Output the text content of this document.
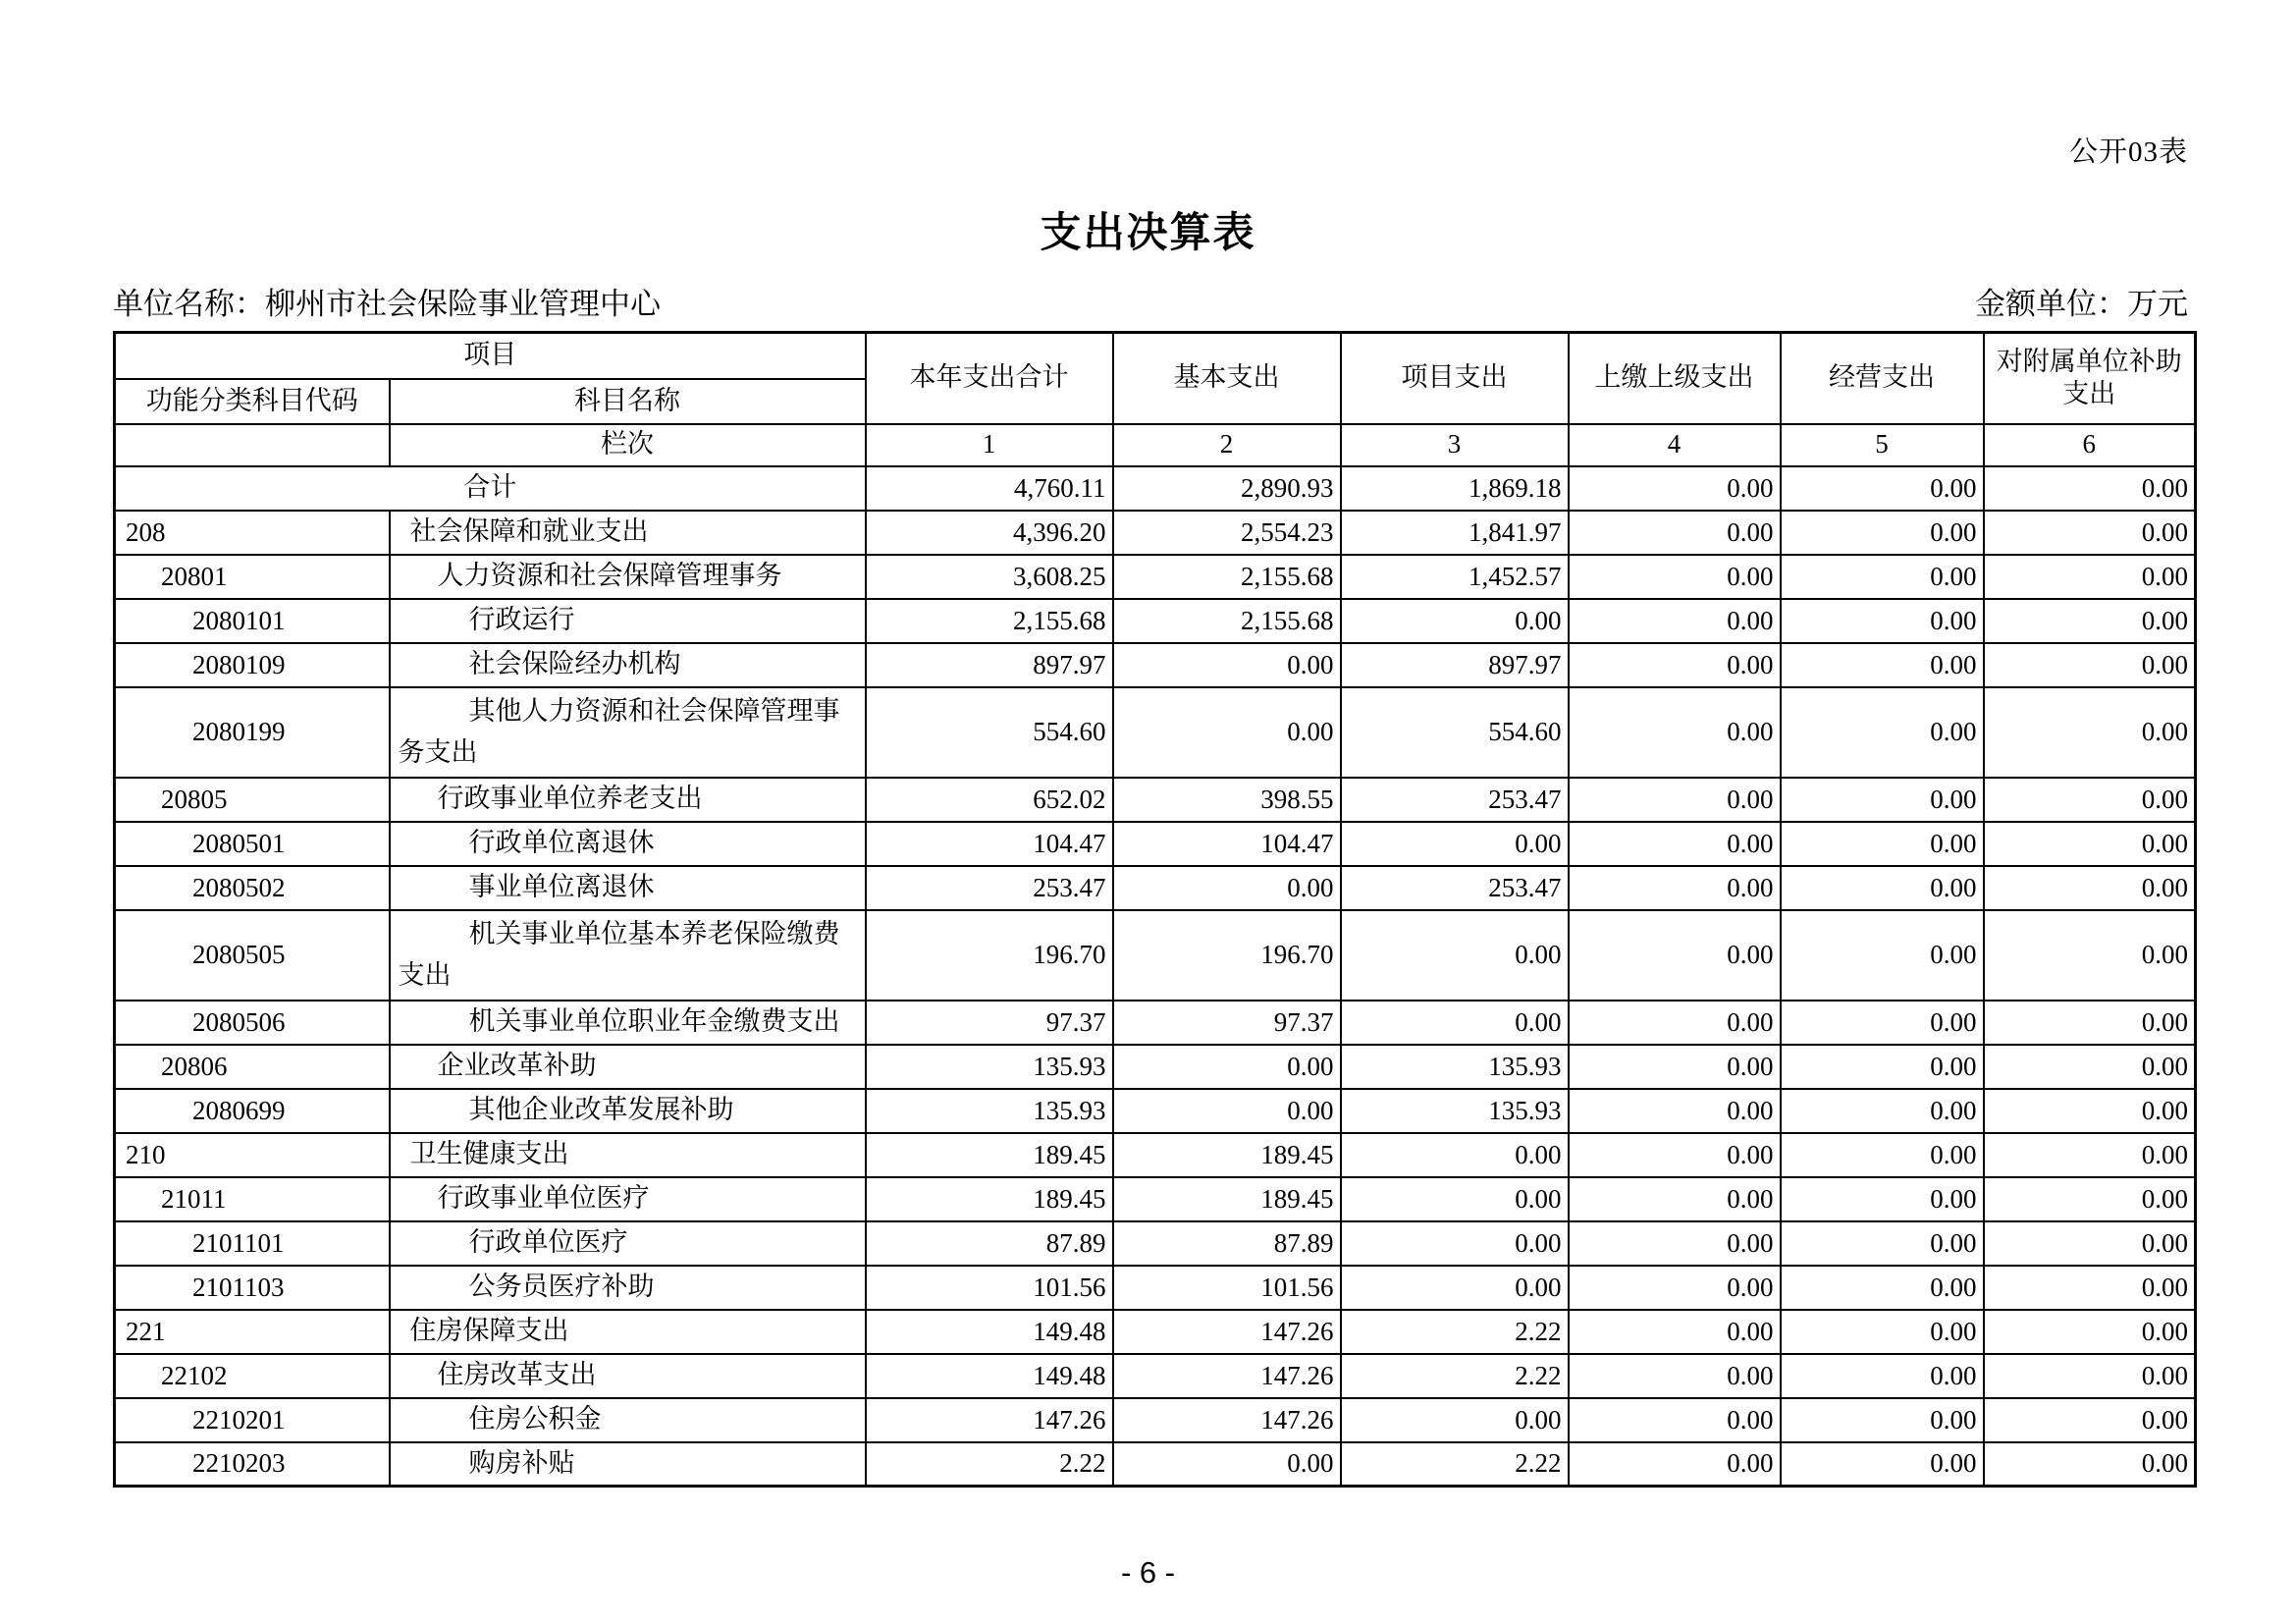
公开03表
支出决算表
单位名称：柳州市社会保险事业管理中心	金额单位：万元
项目		本年支出合计	基本支出	项目支出	上缴上级支出	经营支出	对附属单位补助支出
功能分类科目代码	科目名称						
	栏次	1	2	3	4	5	6
合计		4,760.11	2,890.93	1,869.18	0.00	0.00	0.00
208	社会保障和就业支出	4,396.20	2,554.23	1,841.97	0.00	0.00	0.00
20801	人力资源和社会保障管理事务	3,608.25	2,155.68	1,452.57	0.00	0.00	0.00
2080101	行政运行	2,155.68	2,155.68	0.00	0.00	0.00	0.00
2080109	社会保险经办机构	897.97	0.00	897.97	0.00	0.00	0.00
2080199	其他人力资源和社会保障管理事务支出	554.60	0.00	554.60	0.00	0.00	0.00
20805	行政事业单位养老支出	652.02	398.55	253.47	0.00	0.00	0.00
2080501	行政单位离退休	104.47	104.47	0.00	0.00	0.00	0.00
2080502	事业单位离退休	253.47	0.00	253.47	0.00	0.00	0.00
2080505	机关事业单位基本养老保险缴费支出	196.70	196.70	0.00	0.00	0.00	0.00
2080506	机关事业单位职业年金缴费支出	97.37	97.37	0.00	0.00	0.00	0.00
20806	企业改革补助	135.93	0.00	135.93	0.00	0.00	0.00
2080699	其他企业改革发展补助	135.93	0.00	135.93	0.00	0.00	0.00
210	卫生健康支出	189.45	189.45	0.00	0.00	0.00	0.00
21011	行政事业单位医疗	189.45	189.45	0.00	0.00	0.00	0.00
2101101	行政单位医疗	87.89	87.89	0.00	0.00	0.00	0.00
2101103	公务员医疗补助	101.56	101.56	0.00	0.00	0.00	0.00
221	住房保障支出	149.48	147.26	2.22	0.00	0.00	0.00
22102	住房改革支出	149.48	147.26	2.22	0.00	0.00	0.00
2210201	住房公积金	147.26	147.26	0.00	0.00	0.00	0.00
2210203	购房补贴	2.22	0.00	2.22	0.00	0.00	0.00
- 6 -
